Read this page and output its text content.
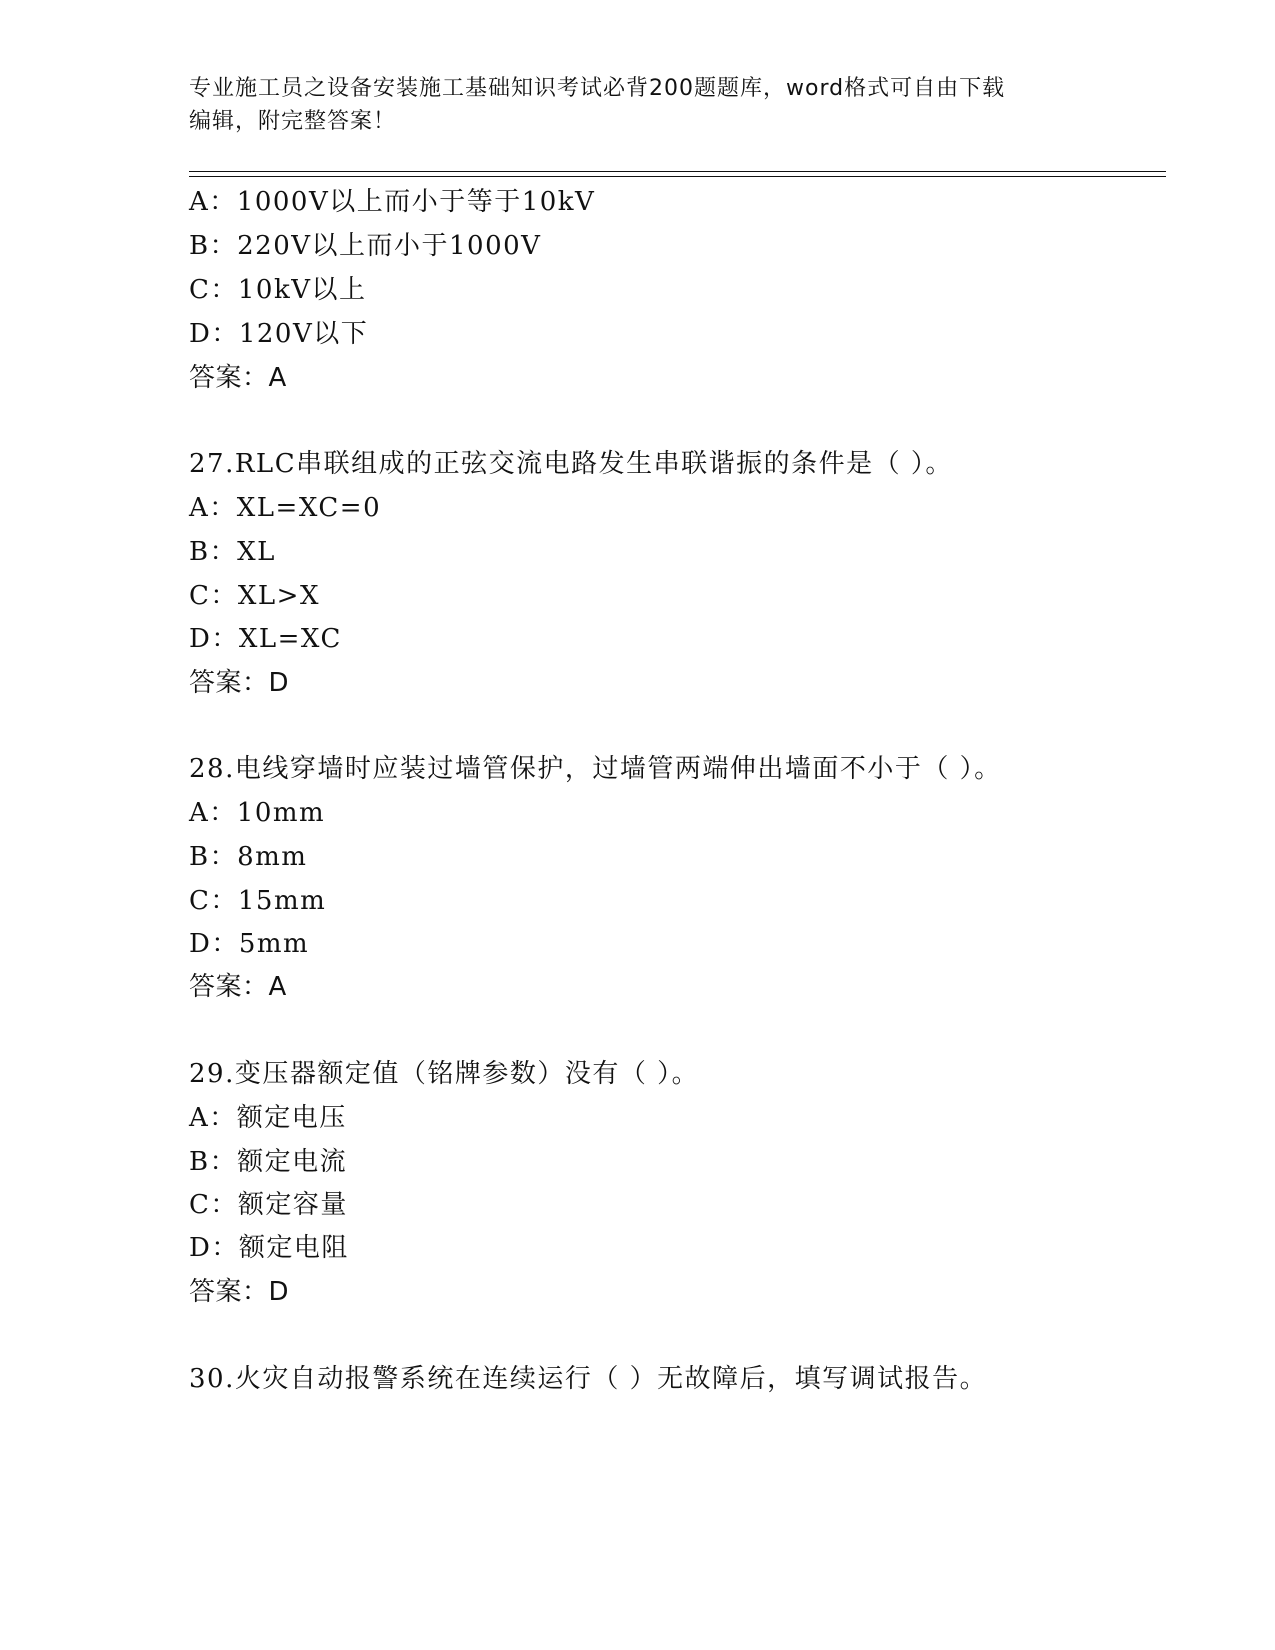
专业施工员之设备安装施工基础知识考试必背200题题库，word格式可自由下载
编辑，附完整答案！
A：1000V以上而小于等于10kV
B：220V以上而小于1000V
C：10kV以上
D：120V以下
答案：A
27.RLC串联组成的正弦交流电路发生串联谐振的条件是（ ）。
A：XL=XC=0
B：XL
C：XL>X
D：XL=XC
答案：D
28.电线穿墙时应装过墙管保护，过墙管两端伸出墙面不小于（ ）。
A：10mm
B：8mm
C：15mm
D：5mm
答案：A
29.变压器额定值（铭牌参数）没有（ ）。
A：额定电压
B：额定电流
C：额定容量
D：额定电阻
答案：D
30.火灾自动报警系统在连续运行（ ）无故障后，填写调试报告。
